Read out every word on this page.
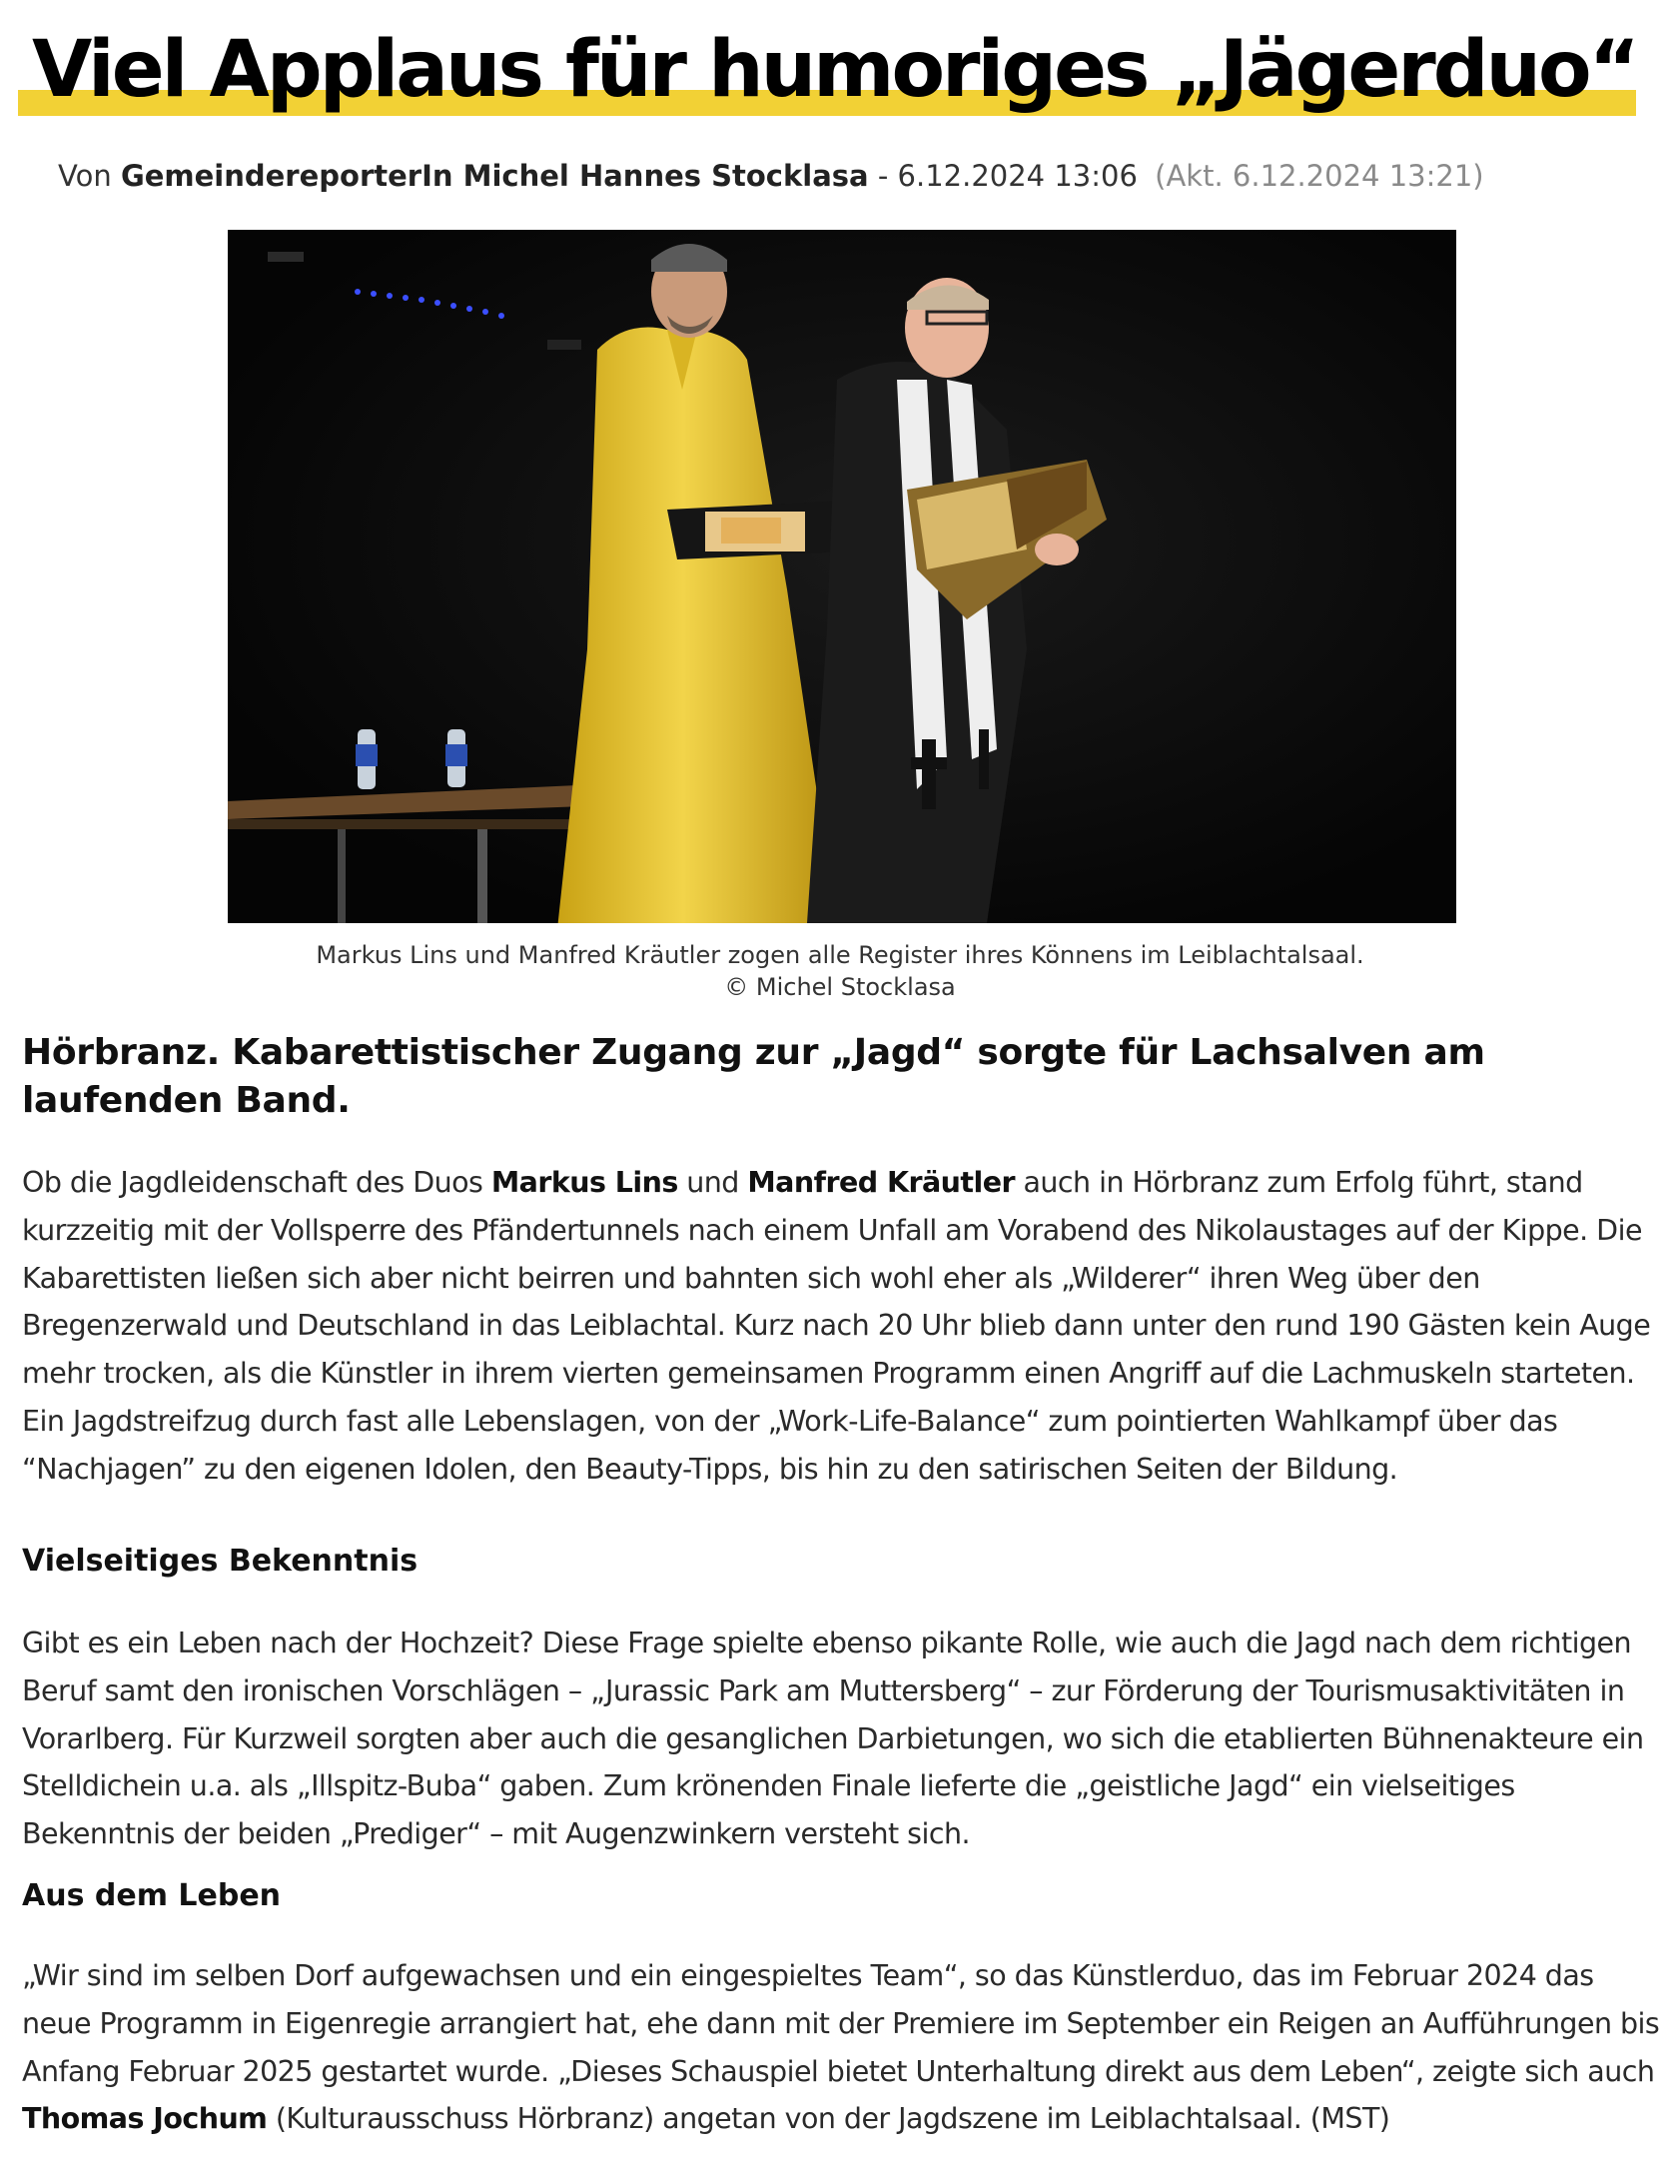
Viel Applaus für humoriges „Jägerduo“
Von GemeindereporterIn Michel Hannes Stocklasa - 6.12.2024 13:06 (Akt. 6.12.2024 13:21)
Markus Lins und Manfred Kräutler zogen alle Register ihres Könnens im Leiblachtalsaal.
© Michel Stocklasa

Hörbranz. Kabarettistischer Zugang zur „Jagd“ sorgte für Lachsalven am laufenden Band.

Ob die Jagdleidenschaft des Duos Markus Lins und Manfred Kräutler auch in Hörbranz zum Erfolg führt, stand kurzzeitig mit der Vollsperre des Pfändertunnels nach einem Unfall am Vorabend des Nikolaustages auf der Kippe. Die Kabarettisten ließen sich aber nicht beirren und bahnten sich wohl eher als „Wilderer“ ihren Weg über den Bregenzerwald und Deutschland in das Leiblachtal. Kurz nach 20 Uhr blieb dann unter den rund 190 Gästen kein Auge mehr trocken, als die Künstler in ihrem vierten gemeinsamen Programm einen Angriff auf die Lachmuskeln starteten. Ein Jagdstreifzug durch fast alle Lebenslagen, von der „Work-Life-Balance“ zum pointierten Wahlkampf über das “Nachjagen” zu den eigenen Idolen, den Beauty-Tipps, bis hin zu den satirischen Seiten der Bildung.

Vielseitiges Bekenntnis

Gibt es ein Leben nach der Hochzeit? Diese Frage spielte ebenso pikante Rolle, wie auch die Jagd nach dem richtigen Beruf samt den ironischen Vorschlägen – „Jurassic Park am Muttersberg“ – zur Förderung der Tourismusaktivitäten in Vorarlberg. Für Kurzweil sorgten aber auch die gesanglichen Darbietungen, wo sich die etablierten Bühnenakteure ein Stelldichein u.a. als „Illspitz-Buba“ gaben. Zum krönenden Finale lieferte die „geistliche Jagd“ ein vielseitiges Bekenntnis der beiden „Prediger“ – mit Augenzwinkern versteht sich.

Aus dem Leben

„Wir sind im selben Dorf aufgewachsen und ein eingespieltes Team“, so das Künstlerduo, das im Februar 2024 das neue Programm in Eigenregie arrangiert hat, ehe dann mit der Premiere im September ein Reigen an Aufführungen bis Anfang Februar 2025 gestartet wurde. „Dieses Schauspiel bietet Unterhaltung direkt aus dem Leben“, zeigte sich auch Thomas Jochum (Kulturausschuss Hörbranz) angetan von der Jagdszene im Leiblachtalsaal. (MST)
